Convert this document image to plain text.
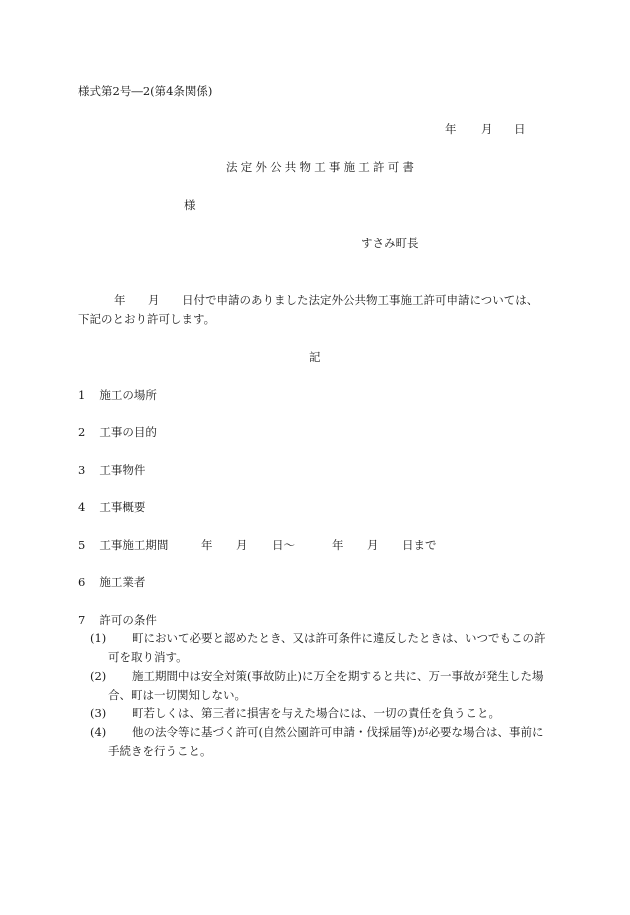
様式第2号―2(第4条関係)
年 月 日
法定外公共物工事施工許可書
様
すさみ町長
年 月 日付で申請のありました法定外公共物工事施工許可申請については、
下記のとおり許可します。
記
1 施工の場所
2 工事の目的
3 工事物件
4 工事概要
5 工事施工期間	年 月 日～	年 月 日まで
6 施工業者
7 許可の条件
(1) 町において必要と認めたとき、又は許可条件に違反したときは、いつでもこの許
可を取り消す。
(2) 施工期間中は安全対策(事故防止)に万全を期すると共に、万一事故が発生した場
合、町は一切関知しない。
(3) 町若しくは、第三者に損害を与えた場合には、一切の責任を負うこと。
(4) 他の法令等に基づく許可(自然公園許可申請・伐採届等)が必要な場合は、事前に
手続きを行うこと。
